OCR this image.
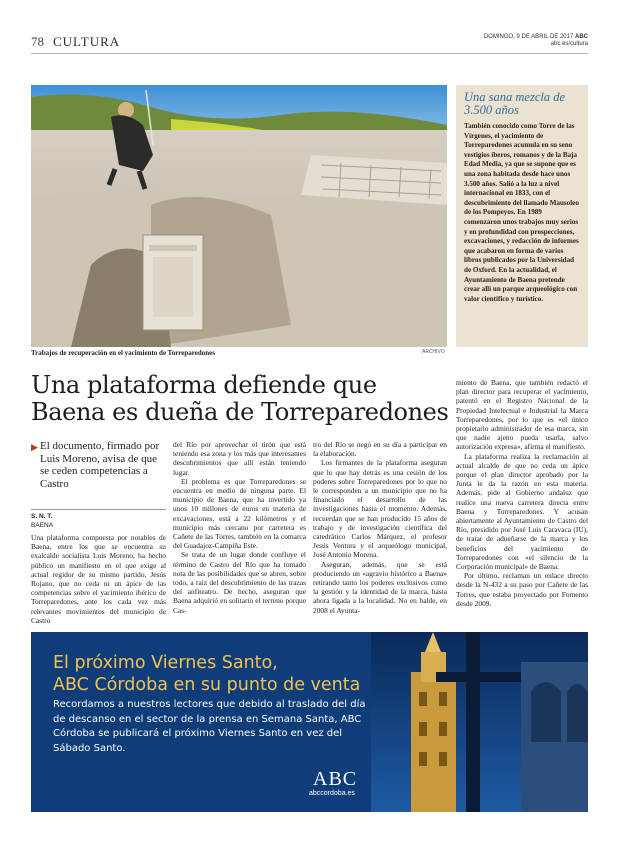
78 CULTURA	DOMINGO, 9 DE ABRIL DE 2017 ABC
abc.es/cultura
Trabajos de recuperación en el yacimiento de Torreparedones	ARCHIVO
Una sana mezcla de 3.500 años
También conocido como Torre de las Vírgenes, el yacimiento de Torreparedones acumula en su seno vestigios íberos, romanos y de la Baja Edad Media, ya que se supone que es una zona habitada desde hace unos 3.500 años. Salió a la luz a nivel internacional en 1833, con el descubrimiento del llamado Mausoleo de los Pompeyos. En 1989 comenzaron unos trabajos muy serios y en profundidad con prospecciones, excavaciones, y redacción de informes que acabaron en forma de varios libros publicados por la Universidad de Oxford. En la actualidad, el Ayuntamiento de Baena pretende crear allí un parque arqueológico con valor científico y turístico.
Una plataforma defiende que Baena es dueña de Torreparedones
▶ El documento, firmado por Luis Moreno, avisa de que se ceden competencias a Castro
S. N. T.
BAENA

Una plataforma compuesta por notables de Baena, entre los que se encuentra su exalcalde socialista Luis Moreno, ha hecho público un manifiesto en el que exige al actual regidor de su mismo partido, Jesús Rojano, que no ceda ni un ápice de las competencias sobre el yacimiento ibérico de Torreparedones, ante los cada vez más relevantes movimientos del municipio de Castro

del Río por aprovechar el tirón que está teniendo esa zona y los más que interesantes descubrimientos que allí están teniendo lugar.

El problema es que Torreparedones se encuentra en medio de ninguna parte. El municipio de Baena, que ha invertido ya unos 10 millones de euros en materia de excavaciones, está a 22 kilómetros y el municipio más cercano por carretera es Cañete de las Torres, también en la comarca del Guadajoz-Campiña Este.

Se trata de un lugar donde confluye el término de Castro del Río que ha tomado nota de las posibilidades que se abren, sobre todo, a raíz del descubrimiento de las trazas del anfiteatro. De hecho, aseguran que Baena adquirió en solitario el terreno porque Cas-

tro del Río se negó en su día a participar en la elaboración.

Los firmantes de la plataforma aseguran que lo que hay detrás es una cesión de los poderes sobre Torreparedones por lo que no le corresponden a un municipio que no ha financiado el desarrollo de las investigaciones hasta el momento. Además, recuerdan que se han producido 15 años de trabajo y de investigación científica del catedrático Carlos Márquez, el profesor Jesús Ventura y el arqueólogo municipal, José Antonio Morena.

Aseguran, además, que se está produciendo un «agravio histórico a Baena» retirando tanto los poderes exclusivos como la gestión y la identidad de la marca, hasta ahora ligada a la localidad. No en balde, en 2008 el Ayunta-

miento de Baena, que también redactó el plan director para recuperar el yacimiento, patentó en el Registro Nacional de la Propiedad Intelectual e Industrial la Marca Torreparedones, por lo que es «el único propietario administrador de esa marca, sin que nadie ajeno pueda usarla, salvo autorización expresa», afirma el manifiesto.

La plataforma realiza la reclamación al actual alcalde de que no ceda un ápice porque el plan director aprobado por la Junta le da la razón en esta materia. Además, pide al Gobierno andaluz que realice una nueva carretera directa entre Baena y Torreparedones. Y acusan abiertamente al Ayuntamiento de Castro del Río, presidido por José Luis Caravaca (IU), de tratar de adueñarse de la marca y los beneficios del yacimiento de Torreparedones con «el silencio de la Corporación municipal» de Baena.

Por último, reclaman un enlace directo desde la N-432 a su paso por Cañete de las Torres, que estaba proyectado por Fomento desde 2009.

El próximo Viernes Santo,
ABC Córdoba en su punto de venta
Recordamos a nuestros lectores que debido al traslado del día de descanso en el sector de la prensa en Semana Santa, ABC Córdoba se publicará el próximo Viernes Santo en vez del Sábado Santo.
ABC
abccordoba.es
